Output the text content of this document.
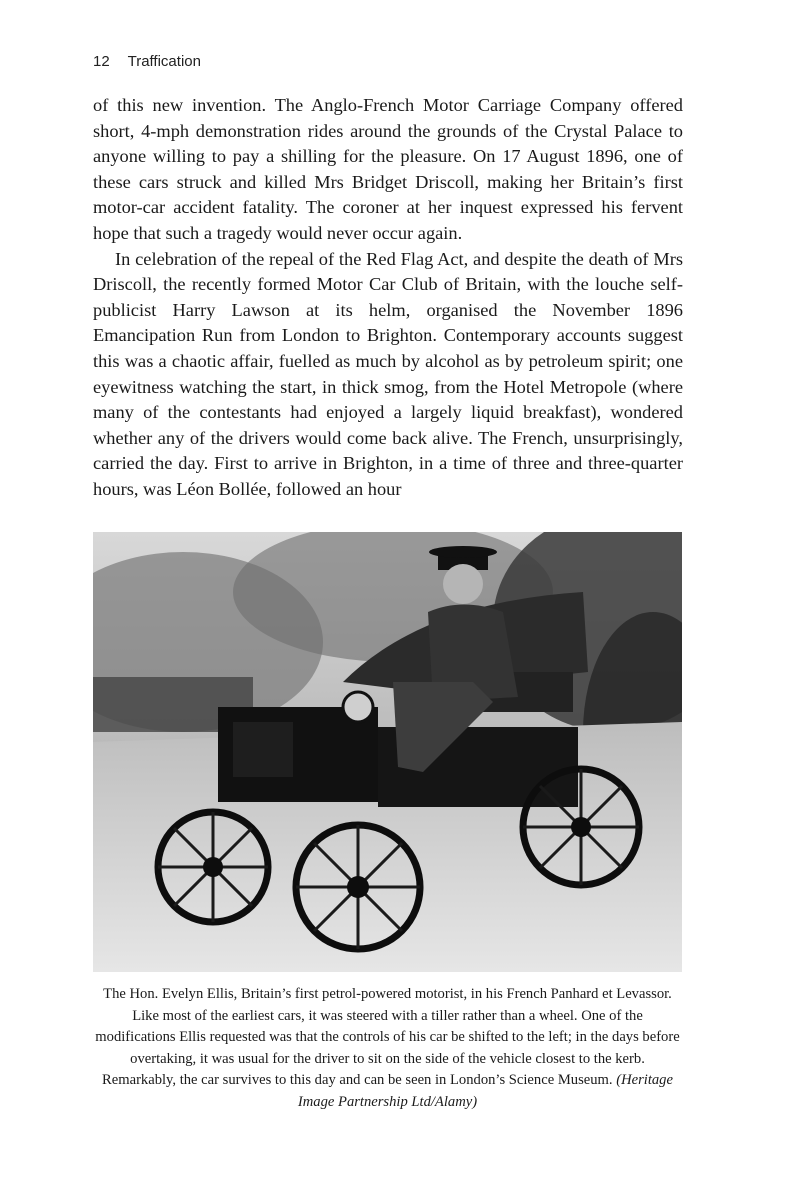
12 Traffication

of this new invention. The Anglo-French Motor Carriage Company offered short, 4-mph demonstration rides around the grounds of the Crystal Palace to anyone willing to pay a shilling for the pleasure. On 17 August 1896, one of these cars struck and killed Mrs Bridget Driscoll, making her Britain’s first motor-car accident fatality. The coroner at her inquest expressed his fervent hope that such a tragedy would never occur again.

In celebration of the repeal of the Red Flag Act, and despite the death of Mrs Driscoll, the recently formed Motor Car Club of Britain, with the louche self-publicist Harry Lawson at its helm, organised the November 1896 Emancipation Run from London to Brighton. Contemporary accounts suggest this was a chaotic affair, fuelled as much by alcohol as by petroleum spirit; one eyewitness watching the start, in thick smog, from the Hotel Metropole (where many of the contestants had enjoyed a largely liquid breakfast), wondered whether any of the drivers would come back alive. The French, unsurprisingly, carried the day. First to arrive in Brighton, in a time of three and three-quarter hours, was Léon Bollée, followed an hour

The Hon. Evelyn Ellis, Britain’s first petrol-powered motorist, in his French Panhard et Levassor. Like most of the earliest cars, it was steered with a tiller rather than a wheel. One of the modifications Ellis requested was that the controls of his car be shifted to the left; in the days before overtaking, it was usual for the driver to sit on the side of the vehicle closest to the kerb. Remarkably, the car survives to this day and can be seen in London’s Science Museum. (Heritage Image Partnership Ltd/Alamy)
